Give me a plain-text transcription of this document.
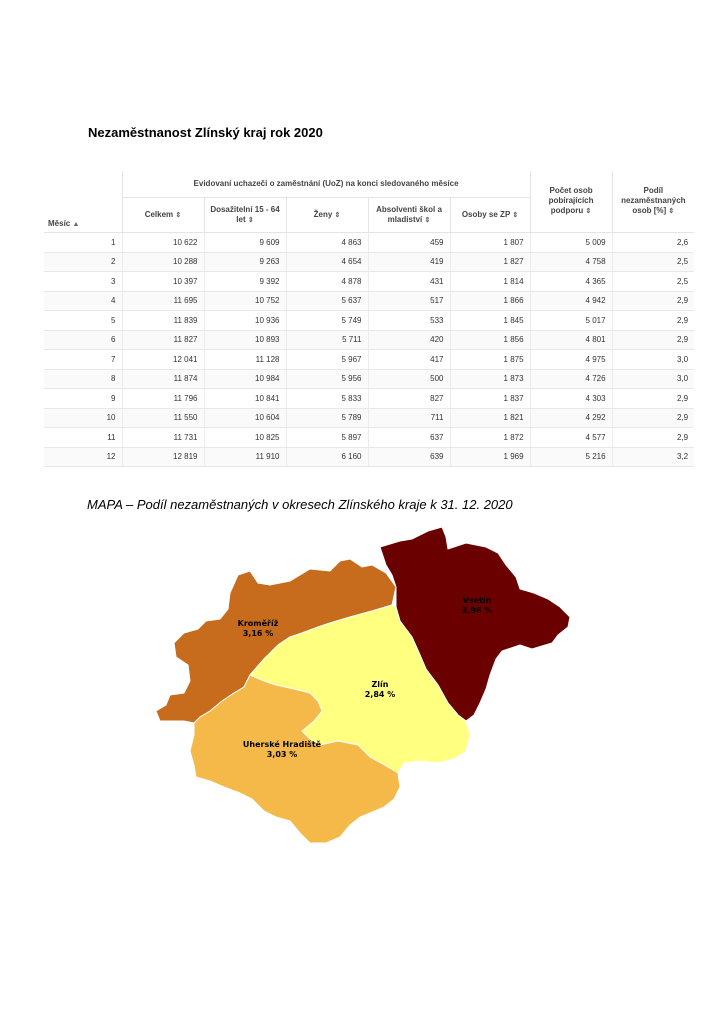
Nezaměstnanost Zlínský kraj rok 2020
Měsíc ▲	Evidovaní uchazeči o zaměstnání (UoZ) na konci sledovaného měsíce					Počet osob pobírajících podporu ⇕	Podíl nezaměstnaných osob [%] ⇕
	Celkem ⇕	Dosažitelní 15 - 64 let ⇕	Ženy ⇕	Absolventi škol a mladiství ⇕	Osoby se ZP ⇕		
1	10 622	9 609	4 863	459	1 807	5 009	2,6
2	10 288	9 263	4 654	419	1 827	4 758	2,5
3	10 397	9 392	4 878	431	1 814	4 365	2,5
4	11 695	10 752	5 637	517	1 866	4 942	2,9
5	11 839	10 936	5 749	533	1 845	5 017	2,9
6	11 827	10 893	5 711	420	1 856	4 801	2,9
7	12 041	11 128	5 967	417	1 875	4 975	3,0
8	11 874	10 984	5 956	500	1 873	4 726	3,0
9	11 796	10 841	5 833	827	1 837	4 303	2,9
10	11 550	10 604	5 789	711	1 821	4 292	2,9
11	11 731	10 825	5 897	637	1 872	4 577	2,9
12	12 819	11 910	6 160	639	1 969	5 216	3,2
MAPA – Podíl nezaměstnaných v okresech Zlínského kraje k 31. 12. 2020
Kroměříž
3,16 %
Vsetín
3,96 %
Zlín
2,84 %
Uherské Hradiště
3,03 %
